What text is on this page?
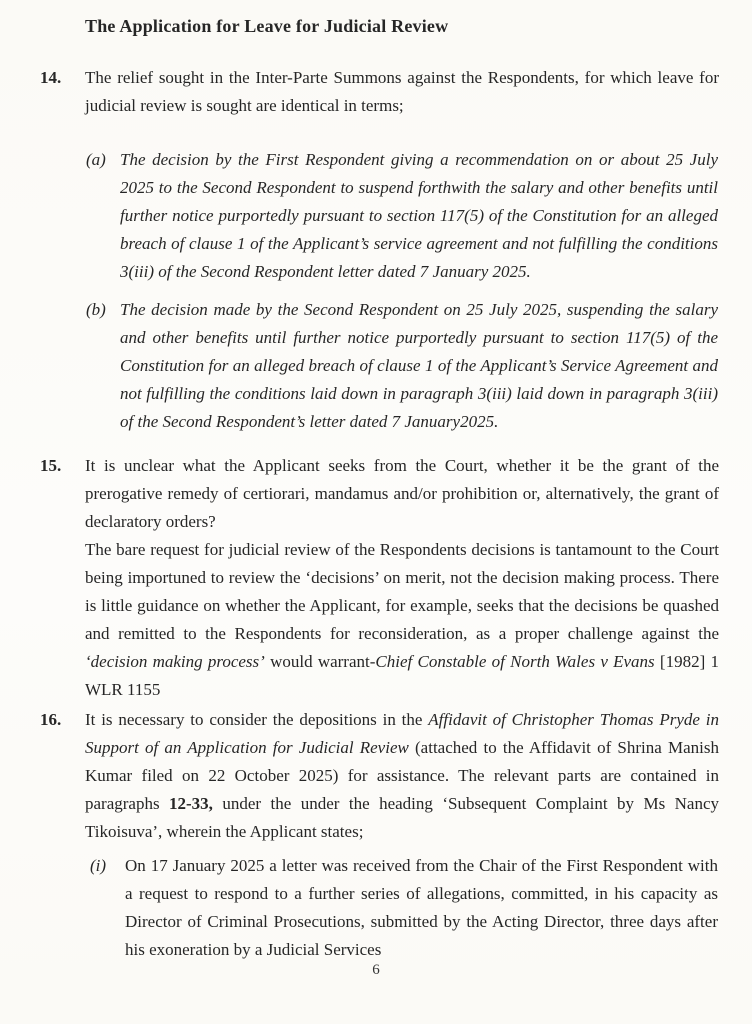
The Application for Leave for Judicial Review
14. The relief sought in the Inter-Parte Summons against the Respondents, for which leave for judicial review is sought are identical in terms;
(a) The decision by the First Respondent giving a recommendation on or about 25 July 2025 to the Second Respondent to suspend forthwith the salary and other benefits until further notice purportedly pursuant to section 117(5) of the Constitution for an alleged breach of clause 1 of the Applicant’s service agreement and not fulfilling the conditions 3(iii) of the Second Respondent letter dated 7 January 2025.
(b) The decision made by the Second Respondent on 25 July 2025, suspending the salary and other benefits until further notice purportedly pursuant to section 117(5) of the Constitution for an alleged breach of clause 1 of the Applicant’s Service Agreement and not fulfilling the conditions laid down in paragraph 3(iii) laid down in paragraph 3(iii) of the Second Respondent’s letter dated 7 January2025.
15. It is unclear what the Applicant seeks from the Court, whether it be the grant of the prerogative remedy of certiorari, mandamus and/or prohibition or, alternatively, the grant of declaratory orders?
The bare request for judicial review of the Respondents decisions is tantamount to the Court being importuned to review the ‘decisions’ on merit, not the decision making process. There is little guidance on whether the Applicant, for example, seeks that the decisions be quashed and remitted to the Respondents for reconsideration, as a proper challenge against the ‘decision making process’ would warrant-Chief Constable of North Wales v Evans [1982] 1 WLR 1155
16. It is necessary to consider the depositions in the Affidavit of Christopher Thomas Pryde in Support of an Application for Judicial Review (attached to the Affidavit of Shrina Manish Kumar filed on 22 October 2025) for assistance. The relevant parts are contained in paragraphs 12-33, under the under the heading ‘Subsequent Complaint by Ms Nancy Tikoisuva’, wherein the Applicant states;
(i) On 17 January 2025 a letter was received from the Chair of the First Respondent with a request to respond to a further series of allegations, committed, in his capacity as Director of Criminal Prosecutions, submitted by the Acting Director, three days after his exoneration by a Judicial Services
6
